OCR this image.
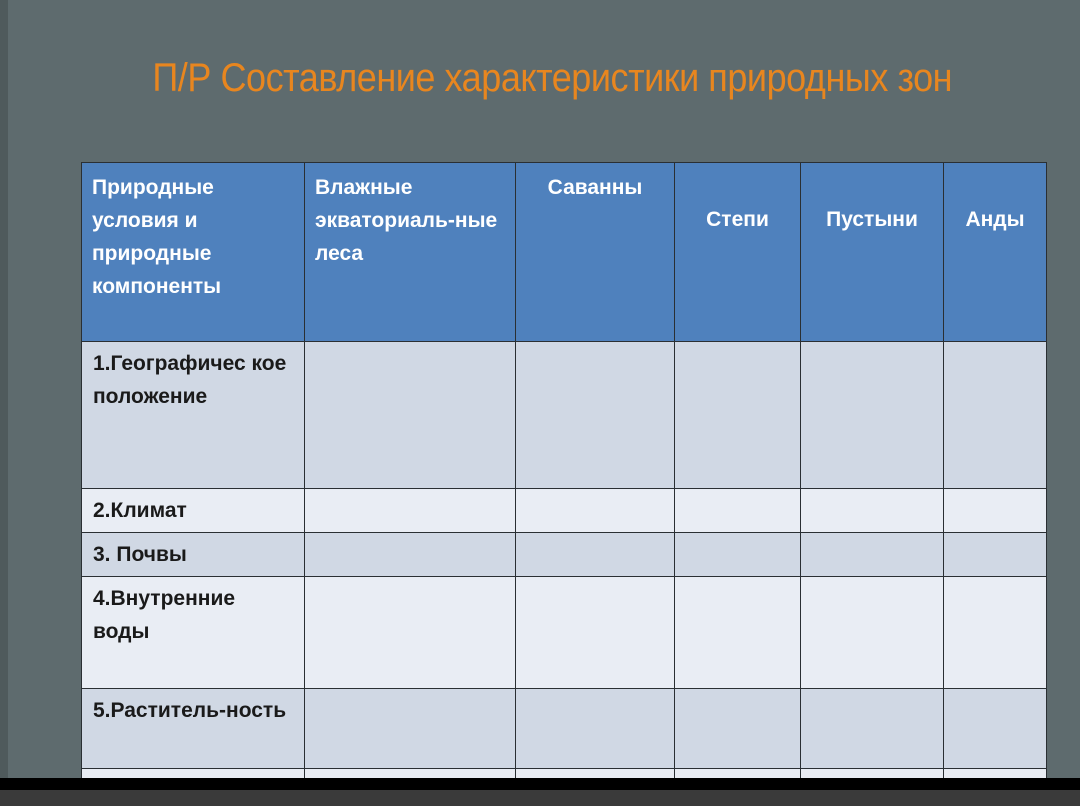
П/Р Составление характеристики природных зон
Природные условия и природные компоненты	Влажные экваториаль-ные леса	Саванны	Степи	Пустыни	Анды

1.Географичес кое положение					

2.Климат					

3. Почвы					

4.Внутренние воды					

5.Раститель-ность					
